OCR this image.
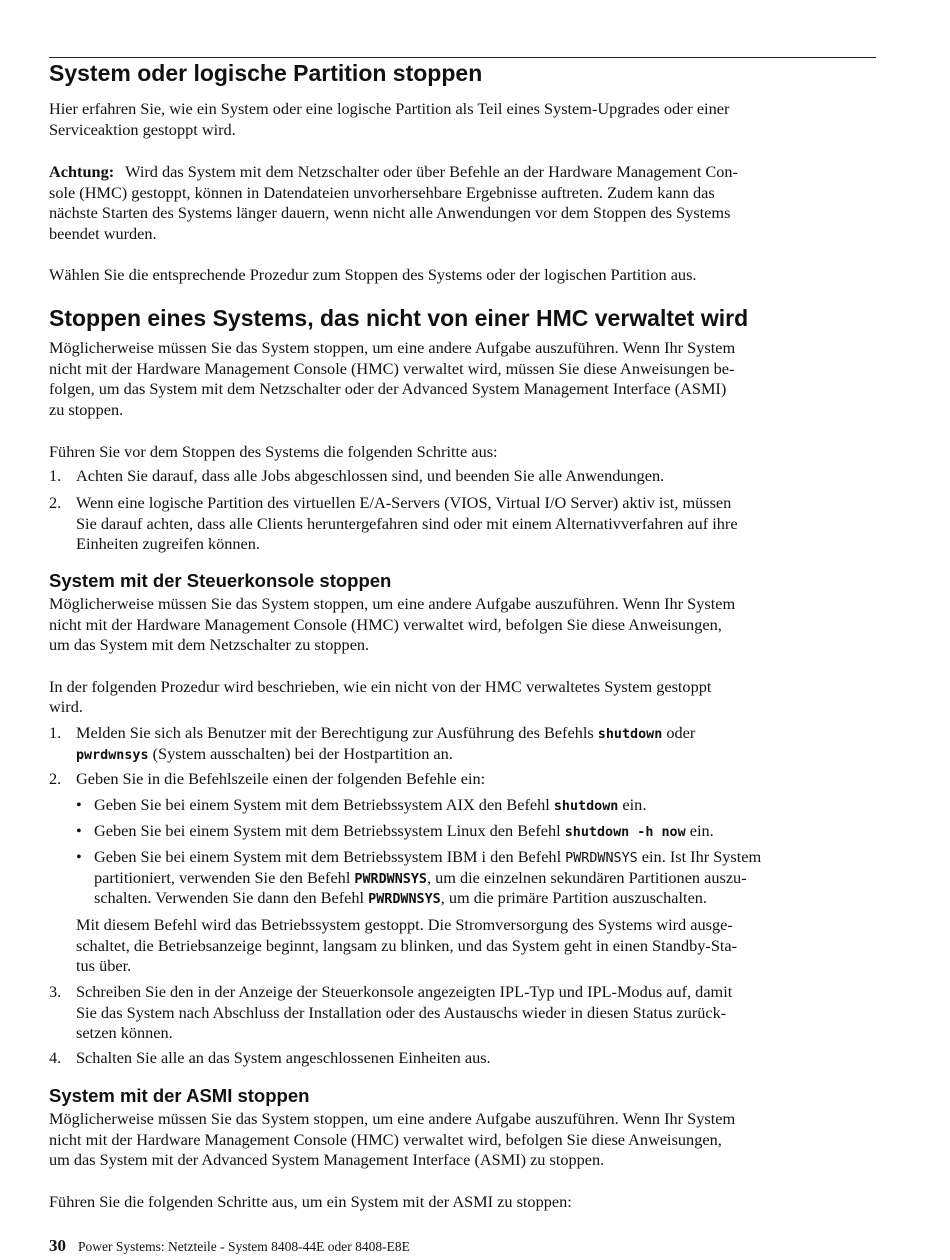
System oder logische Partition stoppen

Hier erfahren Sie, wie ein System oder eine logische Partition als Teil eines System-Upgrades oder einer

Serviceaktion gestoppt wird.

Achtung: Wird das System mit dem Netzschalter oder über Befehle an der Hardware Management Con-

sole (HMC) gestoppt, können in Datendateien unvorhersehbare Ergebnisse auftreten. Zudem kann das

nächste Starten des Systems länger dauern, wenn nicht alle Anwendungen vor dem Stoppen des Systems

beendet wurden.

Wählen Sie die entsprechende Prozedur zum Stoppen des Systems oder der logischen Partition aus.

Stoppen eines Systems, das nicht von einer HMC verwaltet wird

Möglicherweise müssen Sie das System stoppen, um eine andere Aufgabe auszuführen. Wenn Ihr System

nicht mit der Hardware Management Console (HMC) verwaltet wird, müssen Sie diese Anweisungen be-

folgen, um das System mit dem Netzschalter oder der Advanced System Management Interface (ASMI)

zu stoppen.

Führen Sie vor dem Stoppen des Systems die folgenden Schritte aus:

1. Achten Sie darauf, dass alle Jobs abgeschlossen sind, und beenden Sie alle Anwendungen.
2. Wenn eine logische Partition des virtuellen E/A-Servers (VIOS, Virtual I/O Server) aktiv ist, müssen
Sie darauf achten, dass alle Clients heruntergefahren sind oder mit einem Alternativverfahren auf ihre
Einheiten zugreifen können.
System mit der Steuerkonsole stoppen

Möglicherweise müssen Sie das System stoppen, um eine andere Aufgabe auszuführen. Wenn Ihr System

nicht mit der Hardware Management Console (HMC) verwaltet wird, befolgen Sie diese Anweisungen,

um das System mit dem Netzschalter zu stoppen.

In der folgenden Prozedur wird beschrieben, wie ein nicht von der HMC verwaltetes System gestoppt

wird.

1. Melden Sie sich als Benutzer mit der Berechtigung zur Ausführung des Befehls shutdown oder
pwrdwnsys (System ausschalten) bei der Hostpartition an.
2. Geben Sie in die Befehlszeile einen der folgenden Befehle ein:
• Geben Sie bei einem System mit dem Betriebssystem AIX den Befehl shutdown ein.
• Geben Sie bei einem System mit dem Betriebssystem Linux den Befehl shutdown -h now ein.
• Geben Sie bei einem System mit dem Betriebssystem IBM i den Befehl PWRDWNSYS ein. Ist Ihr System
partitioniert, verwenden Sie den Befehl PWRDWNSYS, um die einzelnen sekundären Partitionen auszu-
schalten. Verwenden Sie dann den Befehl PWRDWNSYS, um die primäre Partition auszuschalten.
Mit diesem Befehl wird das Betriebssystem gestoppt. Die Stromversorgung des Systems wird ausge-
schaltet, die Betriebsanzeige beginnt, langsam zu blinken, und das System geht in einen Standby-Sta-
tus über.
3. Schreiben Sie den in der Anzeige der Steuerkonsole angezeigten IPL-Typ und IPL-Modus auf, damit
Sie das System nach Abschluss der Installation oder des Austauschs wieder in diesen Status zurück-
setzen können.
4. Schalten Sie alle an das System angeschlossenen Einheiten aus.
System mit der ASMI stoppen

Möglicherweise müssen Sie das System stoppen, um eine andere Aufgabe auszuführen. Wenn Ihr System

nicht mit der Hardware Management Console (HMC) verwaltet wird, befolgen Sie diese Anweisungen,

um das System mit der Advanced System Management Interface (ASMI) zu stoppen.

Führen Sie die folgenden Schritte aus, um ein System mit der ASMI zu stoppen:

30 Power Systems: Netzteile - System 8408-44E oder 8408-E8E
